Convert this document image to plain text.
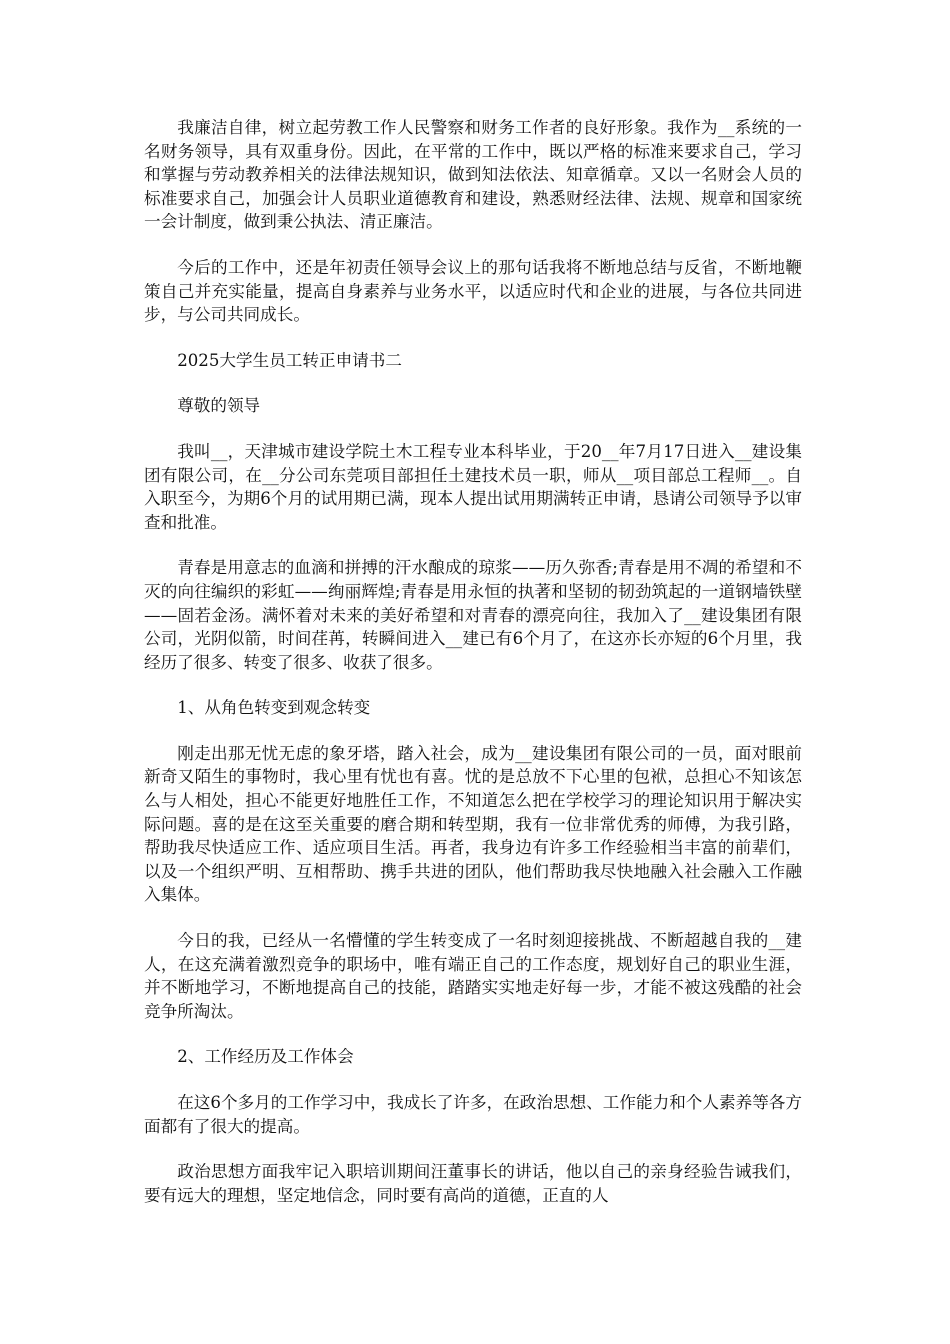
我廉洁自律，树立起劳教工作人民警察和财务工作者的良好形象。我作为__系统的一名财务领导，具有双重身份。因此，在平常的工作中，既以严格的标准来要求自己，学习和掌握与劳动教养相关的法律法规知识，做到知法依法、知章循章。又以一名财会人员的标准要求自己，加强会计人员职业道德教育和建设，熟悉财经法律、法规、规章和国家统一会计制度，做到秉公执法、清正廉洁。

今后的工作中，还是年初责任领导会议上的那句话我将不断地总结与反省，不断地鞭策自己并充实能量，提高自身素养与业务水平，以适应时代和企业的进展，与各位共同进步，与公司共同成长。

2025大学生员工转正申请书二

尊敬的领导

我叫__，天津城市建设学院土木工程专业本科毕业，于20__年7月17日进入__建设集团有限公司，在__分公司东莞项目部担任土建技术员一职，师从__项目部总工程师__。自入职至今，为期6个月的试用期已满，现本人提出试用期满转正申请，恳请公司领导予以审查和批准。

青春是用意志的血滴和拼搏的汗水酿成的琼浆——历久弥香;青春是用不凋的希望和不灭的向往编织的彩虹——绚丽辉煌;青春是用永恒的执著和坚韧的韧劲筑起的一道钢墙铁壁——固若金汤。满怀着对未来的美好希望和对青春的漂亮向往，我加入了__建设集团有限公司，光阴似箭，时间荏苒，转瞬间进入__建已有6个月了，在这亦长亦短的6个月里，我经历了很多、转变了很多、收获了很多。

1、从角色转变到观念转变

刚走出那无忧无虑的象牙塔，踏入社会，成为__建设集团有限公司的一员，面对眼前新奇又陌生的事物时，我心里有忧也有喜。忧的是总放不下心里的包袱，总担心不知该怎么与人相处，担心不能更好地胜任工作，不知道怎么把在学校学习的理论知识用于解决实际问题。喜的是在这至关重要的磨合期和转型期，我有一位非常优秀的师傅，为我引路，帮助我尽快适应工作、适应项目生活。再者，我身边有许多工作经验相当丰富的前辈们，以及一个组织严明、互相帮助、携手共进的团队，他们帮助我尽快地融入社会融入工作融入集体。

今日的我，已经从一名懵懂的学生转变成了一名时刻迎接挑战、不断超越自我的__建人，在这充满着激烈竞争的职场中，唯有端正自己的工作态度，规划好自己的职业生涯，并不断地学习，不断地提高自己的技能，踏踏实实地走好每一步，才能不被这残酷的社会竞争所淘汰。

2、工作经历及工作体会

在这6个多月的工作学习中，我成长了许多，在政治思想、工作能力和个人素养等各方面都有了很大的提高。

政治思想方面我牢记入职培训期间汪董事长的讲话，他以自己的亲身经验告诫我们，要有远大的理想，坚定地信念，同时要有高尚的道德，正直的人
